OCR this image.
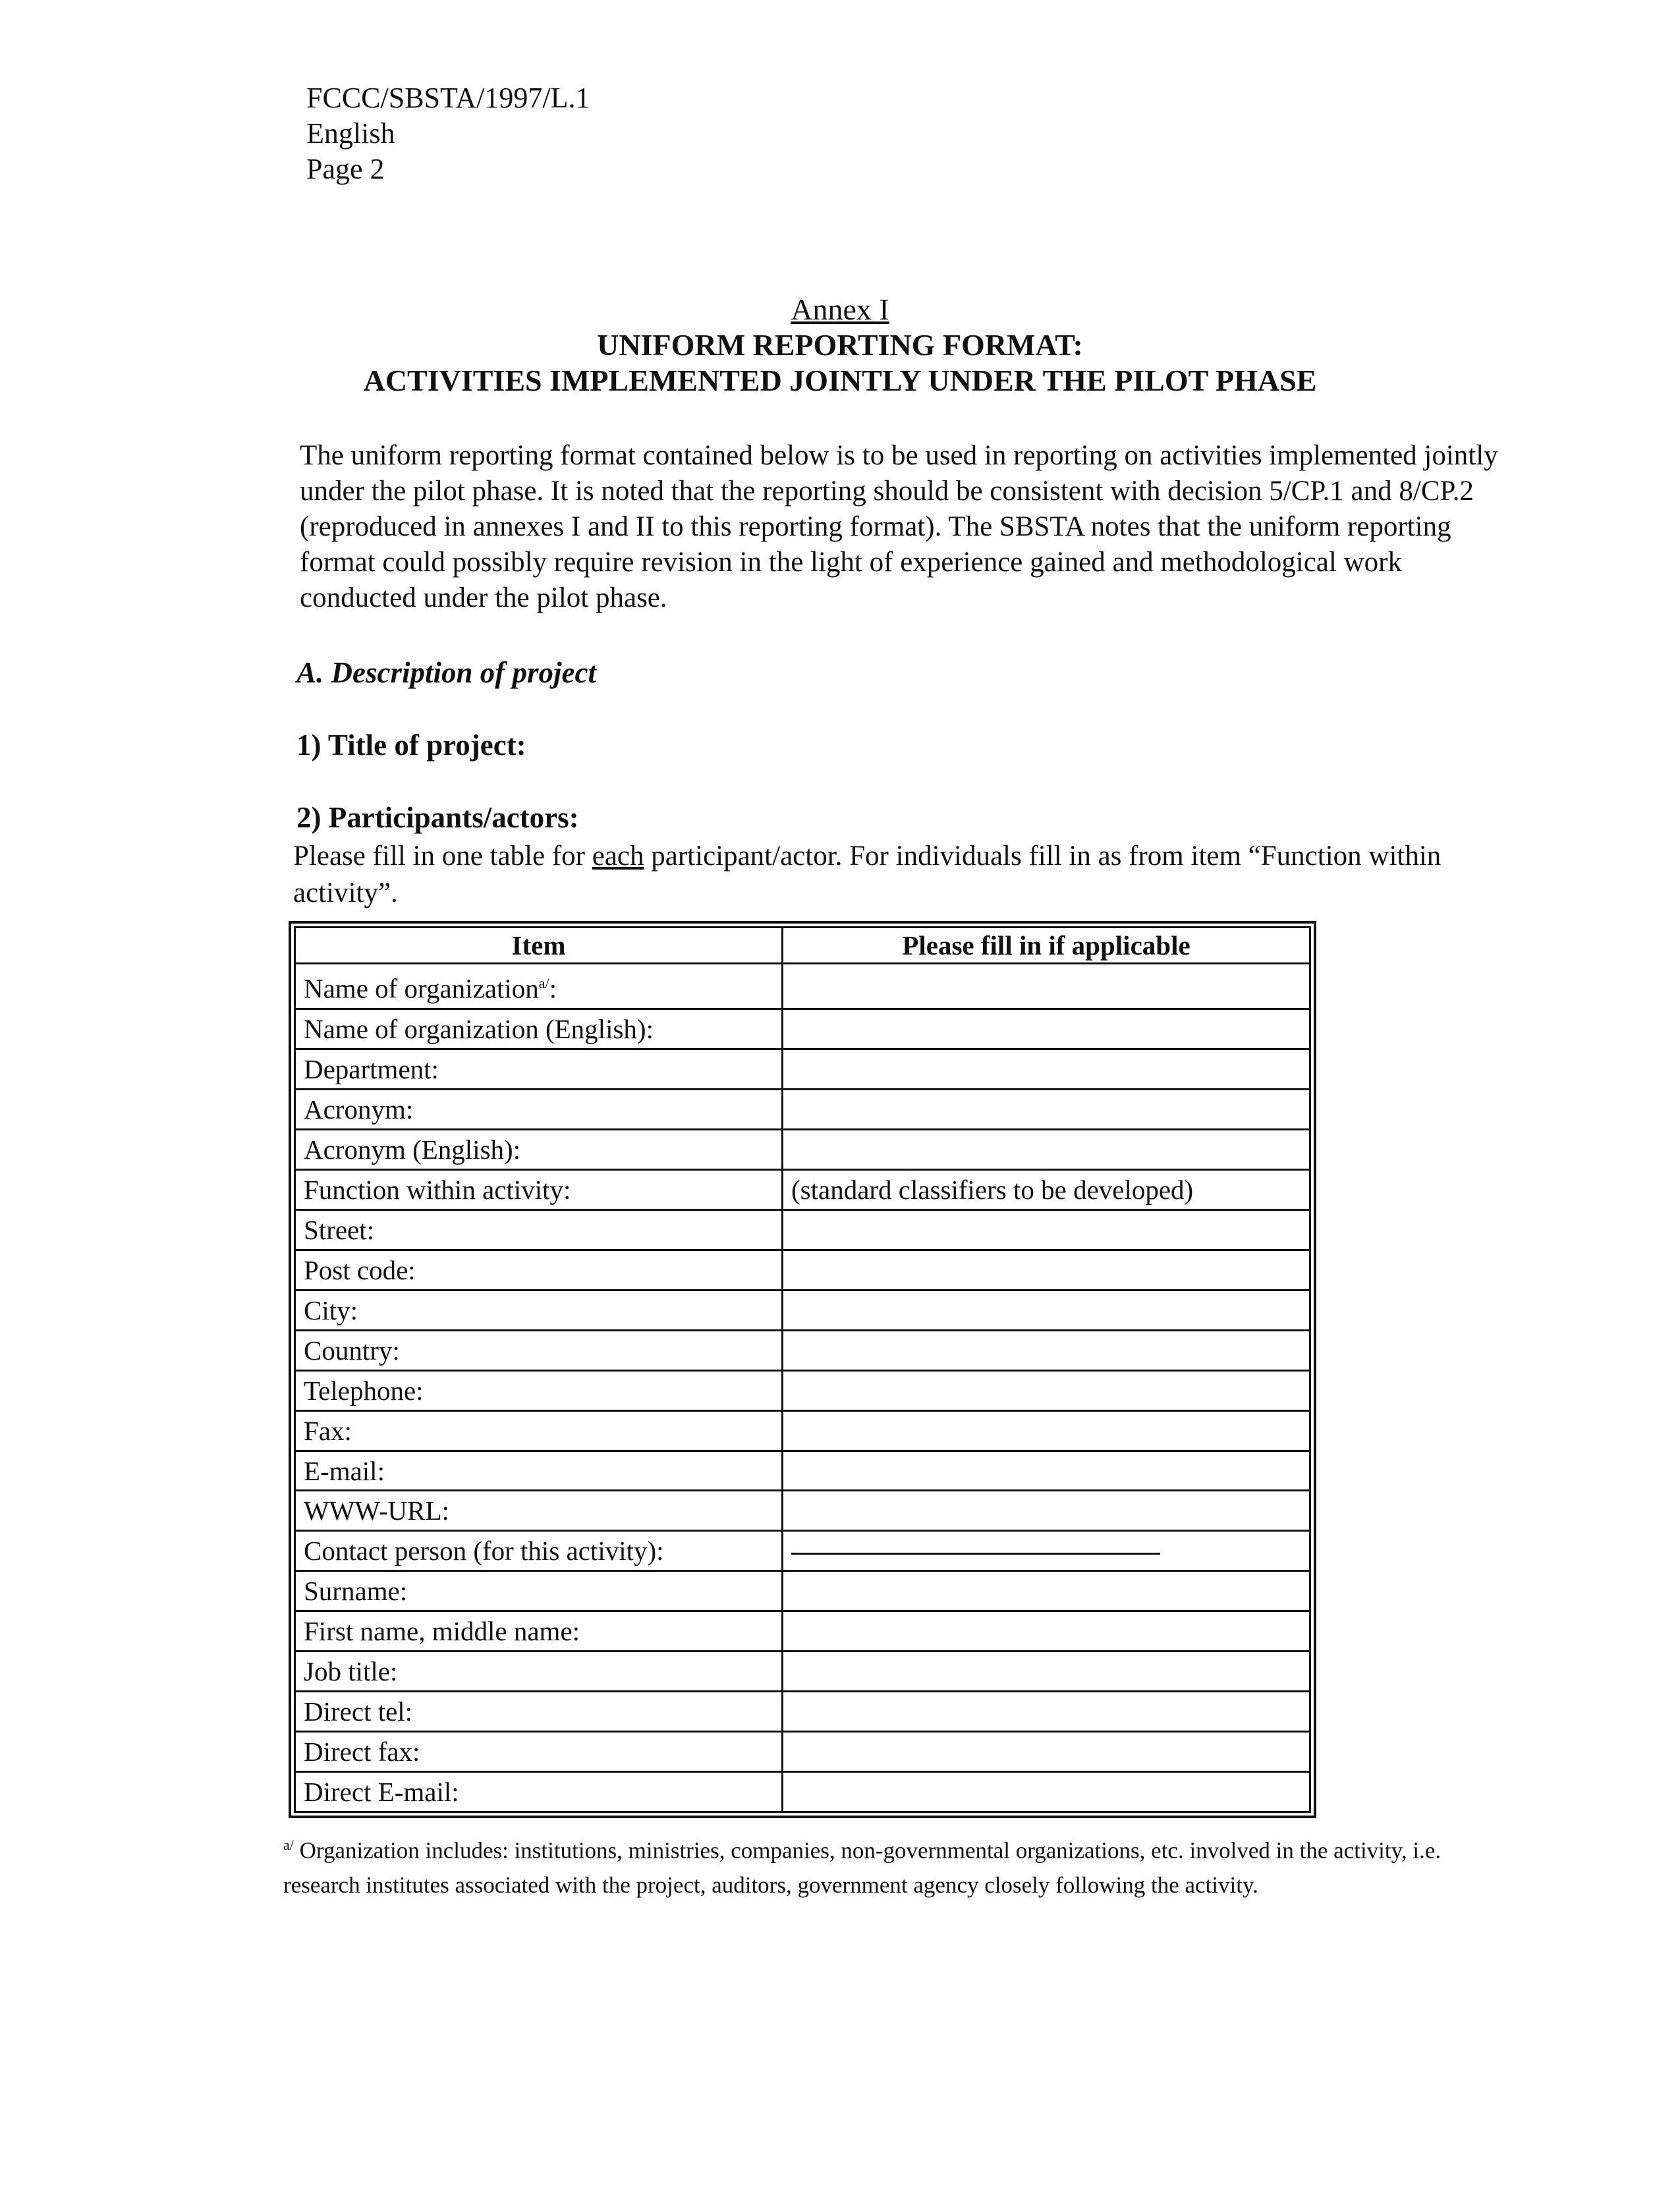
FCCC/SBSTA/1997/L.1
English
Page 2
Annex I
UNIFORM REPORTING FORMAT:
ACTIVITIES IMPLEMENTED JOINTLY UNDER THE PILOT PHASE
The uniform reporting format contained below is to be used in reporting on activities implemented jointly under the pilot phase. It is noted that the reporting should be consistent with decision 5/CP.1 and 8/CP.2 (reproduced in annexes I and II to this reporting format). The SBSTA notes that the uniform reporting format could possibly require revision in the light of experience gained and methodological work conducted under the pilot phase.
A. Description of project
1) Title of project:
2) Participants/actors:
Please fill in one table for each participant/actor. For individuals fill in as from item “Function within activity”.
Item	Please fill in if applicable
Name of organization$^{a/}$:	
Name of organization (English):	
Department:	
Acronym:	
Acronym (English):	
Function within activity:	(standard classifiers to be developed)
Street:	
Post code:	
City:	
Country:	
Telephone:	
Fax:	
E-mail:	
WWW-URL:	
Contact person (for this activity):	
Surname:	
First name, middle name:	
Job title:	
Direct tel:	
Direct fax:	
Direct E-mail:	
$^{a/}$ Organization includes: institutions, ministries, companies, non-governmental organizations, etc. involved in the activity, i.e. research institutes associated with the project, auditors, government agency closely following the activity.
